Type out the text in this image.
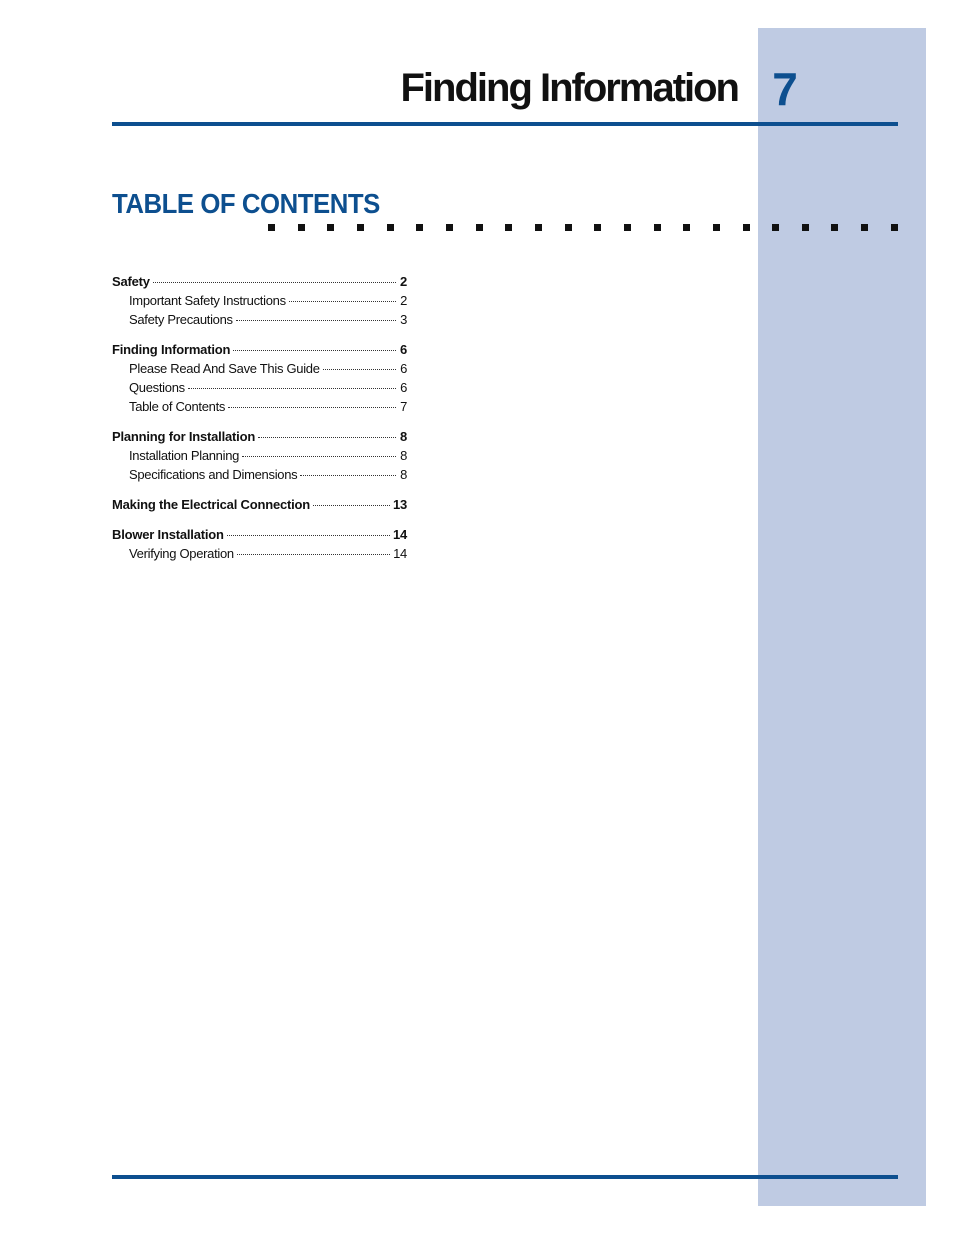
Finding Information 7
TABLE OF CONTENTS
Safety	2
Important Safety Instructions	2
Safety Precautions	3
Finding Information	6
Please Read And Save This Guide	6
Questions	6
Table of Contents	7
Planning for Installation	8
Installation Planning	8
Specifications and Dimensions	8
Making the Electrical Connection	13
Blower Installation	14
Verifying Operation	14
